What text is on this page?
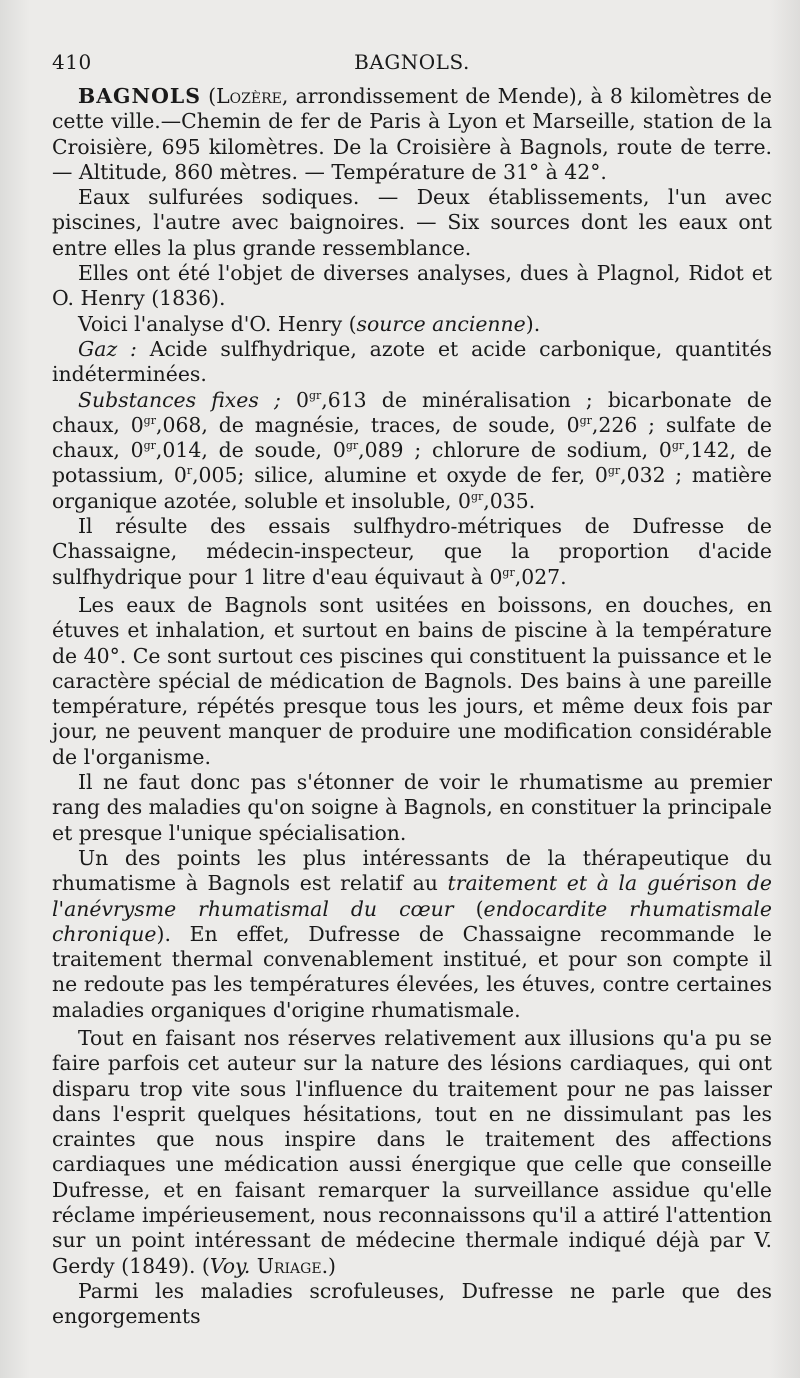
410	BAGNOLS.

BAGNOLS (Lozère, arrondissement de Mende), à 8 kilomètres de cette ville.—Chemin de fer de Paris à Lyon et Marseille, station de la Croisière, 695 kilomètres. De la Croisière à Bagnols, route de terre. — Altitude, 860 mètres. — Température de 31° à 42°.

Eaux sulfurées sodiques. — Deux établissements, l'un avec piscines, l'autre avec baignoires. — Six sources dont les eaux ont entre elles la plus grande ressemblance.

Elles ont été l'objet de diverses analyses, dues à Plagnol, Ridot et O. Henry (1836).

Voici l'analyse d'O. Henry (source ancienne).

Gaz : Acide sulfhydrique, azote et acide carbonique, quantités indéterminées.

Substances fixes ; $0^{gr},613$ de minéralisation ; bicarbonate de chaux, $0^{gr},068$, de magnésie, traces, de soude, $0^{gr},226$ ; sulfate de chaux, $0^{gr},014$, de soude, $0^{gr},089$ ; chlorure de sodium, $0^{gr},142$, de potassium, 0$^r$,005; silice, alumine et oxyde de fer, $0^{gr},032$ ; matière organique azotée, soluble et insoluble, $0^{gr},035$.

Il résulte des essais sulfhydro-métriques de Dufresse de Chassaigne, médecin-inspecteur, que la proportion d'acide sulfhydrique pour 1 litre d'eau équivaut à $0^{gr},027$.

Les eaux de Bagnols sont usitées en boissons, en douches, en étuves et inhalation, et surtout en bains de piscine à la température de 40°. Ce sont surtout ces piscines qui constituent la puissance et le caractère spécial de médication de Bagnols. Des bains à une pareille température, répétés presque tous les jours, et même deux fois par jour, ne peuvent manquer de produire une modification considérable de l'organisme.

Il ne faut donc pas s'étonner de voir le rhumatisme au premier rang des maladies qu'on soigne à Bagnols, en constituer la principale et presque l'unique spécialisation.

Un des points les plus intéressants de la thérapeutique du rhumatisme à Bagnols est relatif au traitement et à la guérison de l'anévrysme rhumatismal du cœur (endocardite rhumatismale chronique). En effet, Dufresse de Chassaigne recommande le traitement thermal convenablement institué, et pour son compte il ne redoute pas les températures élevées, les étuves, contre certaines maladies organiques d'origine rhumatismale.

Tout en faisant nos réserves relativement aux illusions qu'a pu se faire parfois cet auteur sur la nature des lésions cardiaques, qui ont disparu trop vite sous l'influence du traitement pour ne pas laisser dans l'esprit quelques hésitations, tout en ne dissimulant pas les craintes que nous inspire dans le traitement des affections cardiaques une médication aussi énergique que celle que conseille Dufresse, et en faisant remarquer la surveillance assidue qu'elle réclame impérieusement, nous reconnaissons qu'il a attiré l'attention sur un point intéressant de médecine thermale indiqué déjà par V. Gerdy (1849). (Voy. Uriage.)

Parmi les maladies scrofuleuses, Dufresse ne parle que des engorgements
